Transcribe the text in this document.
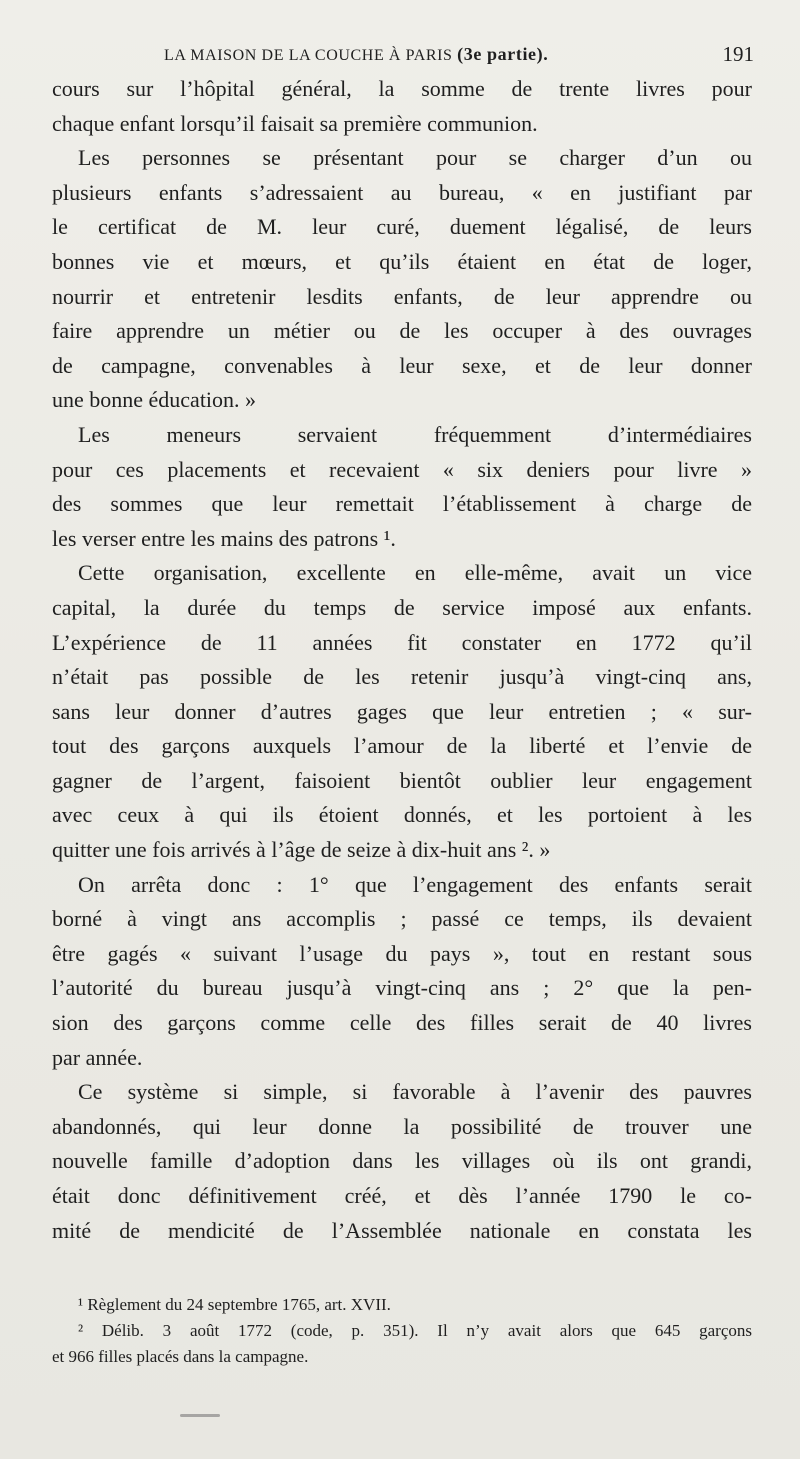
LA MAISON DE LA COUCHE À PARIS (3e partie).	191
cours sur l’hôpital général, la somme de trente livres pour
chaque enfant lorsqu’il faisait sa première communion.
Les personnes se présentant pour se charger d’un ou
plusieurs enfants s’adressaient au bureau, « en justifiant par
le certificat de M. leur curé, duement légalisé, de leurs
bonnes vie et mœurs, et qu’ils étaient en état de loger,
nourrir et entretenir lesdits enfants, de leur apprendre ou
faire apprendre un métier ou de les occuper à des ouvrages
de campagne, convenables à leur sexe, et de leur donner
une bonne éducation. »
Les meneurs servaient fréquemment d’intermédiaires
pour ces placements et recevaient « six deniers pour livre »
des sommes que leur remettait l’établissement à charge de
les verser entre les mains des patrons ¹.
Cette organisation, excellente en elle-même, avait un vice
capital, la durée du temps de service imposé aux enfants.
L’expérience de 11 années fit constater en 1772 qu’il
n’était pas possible de les retenir jusqu’à vingt-cinq ans,
sans leur donner d’autres gages que leur entretien ; « sur-
tout des garçons auxquels l’amour de la liberté et l’envie de
gagner de l’argent, faisoient bientôt oublier leur engagement
avec ceux à qui ils étoient donnés, et les portoient à les
quitter une fois arrivés à l’âge de seize à dix-huit ans ². »
On arrêta donc : 1° que l’engagement des enfants serait
borné à vingt ans accomplis ; passé ce temps, ils devaient
être gagés « suivant l’usage du pays », tout en restant sous
l’autorité du bureau jusqu’à vingt-cinq ans ; 2° que la pen-
sion des garçons comme celle des filles serait de 40 livres
par année.
Ce système si simple, si favorable à l’avenir des pauvres
abandonnés, qui leur donne la possibilité de trouver une
nouvelle famille d’adoption dans les villages où ils ont grandi,
était donc définitivement créé, et dès l’année 1790 le co-
mité de mendicité de l’Assemblée nationale en constata les
¹ Règlement du 24 septembre 1765, art. XVII.
² Délib. 3 août 1772 (code, p. 351). Il n’y avait alors que 645 garçons
et 966 filles placés dans la campagne.
